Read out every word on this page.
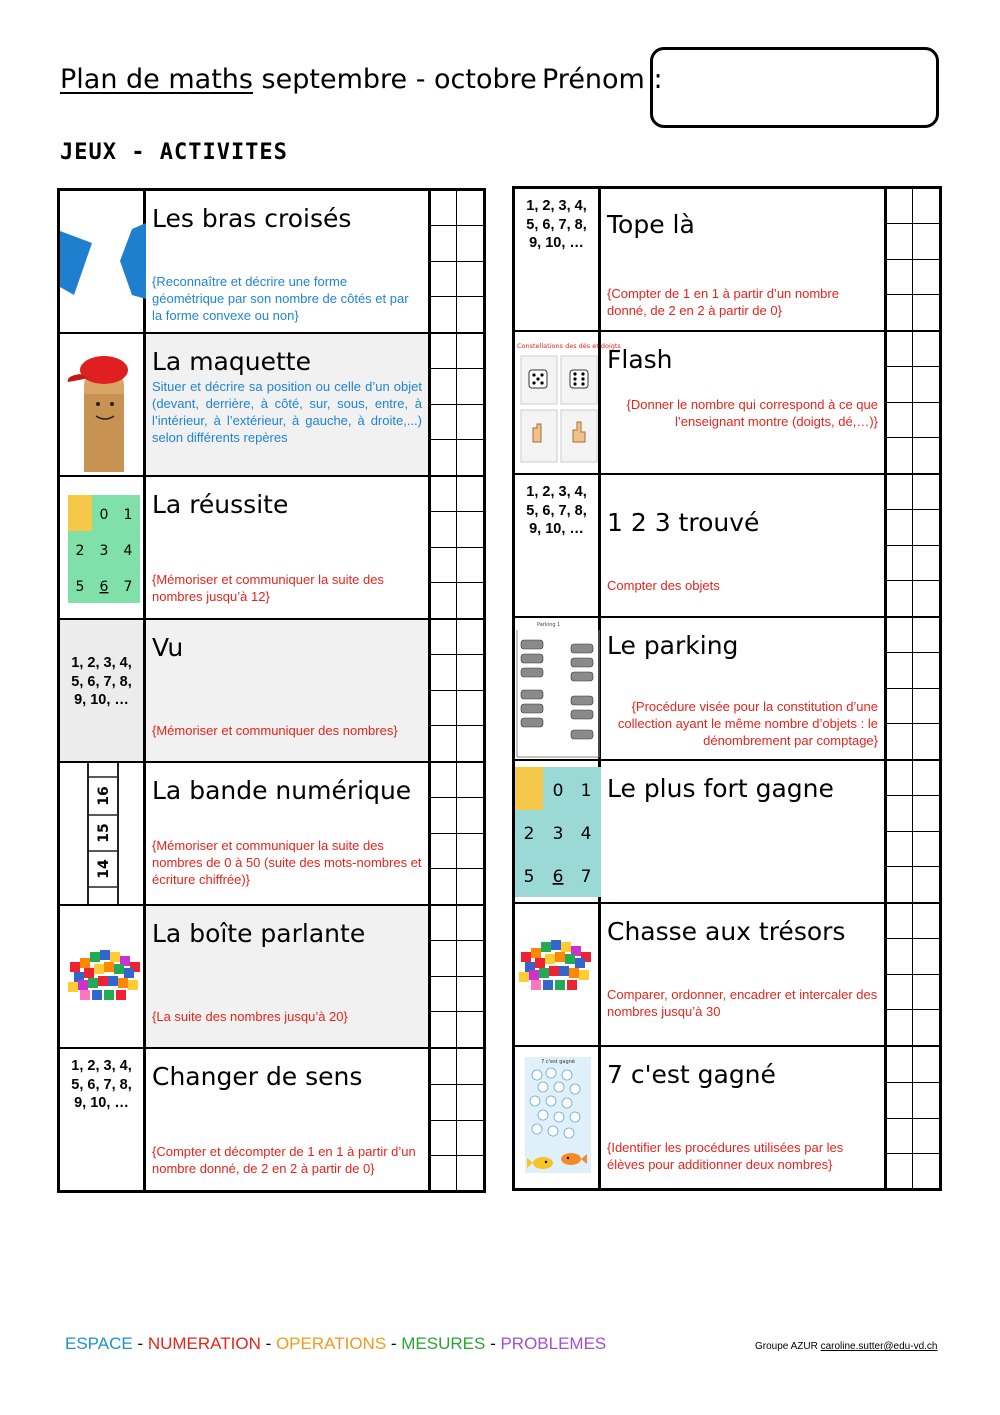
Plan de maths septembre - octobre Prénom :
JEUX - ACTIVITES
Les bras croisés
{Reconnaître et décrire une forme géométrique par son nombre de côtés et par la forme convexe ou non}
La maquette
Situer et décrire sa position ou celle d’un objet (devant, derrière, à côté, sur, sous, entre, à l’intérieur, à l’extérieur, à gauche, à droite,...) selon différents repères
0 1
2 3 4
5 6 7
La réussite
{Mémoriser et communiquer la suite des nombres jusqu’à 12}
1, 2, 3, 4, 5, 6, 7, 8, 9, 10, …
Vu
{Mémoriser et communiquer des nombres}
16
15
14
La bande numérique
{Mémoriser et communiquer la suite des nombres de 0 à 50 (suite des mots-nombres et écriture chiffrée)}
La boîte parlante
{La suite des nombres jusqu’à 20}
1, 2, 3, 4, 5, 6, 7, 8, 9, 10, …
Changer de sens
{Compter et décompter de 1 en 1 à partir d’un nombre donné, de 2 en 2 à partir de 0}
1, 2, 3, 4, 5, 6, 7, 8, 9, 10, …
Tope là
{Compter de 1 en 1 à partir d’un nombre donné, de 2 en 2 à partir de 0}
Constellations des dés et doigts
Flash
{Donner le nombre qui correspond à ce que l’enseignant montre (doigts, dé,…)}
1, 2, 3, 4, 5, 6, 7, 8, 9, 10, … 1 2 3 trouvé
Compter des objets
Parking 1
Le parking
{Procédure visée pour la constitution d’une collection ayant le même nombre d’objets : le dénombrement par comptage}
0 1
2 3 4
5 6 7
Le plus fort gagne
Chasse aux trésors
Comparer, ordonner, encadrer et intercaler des nombres jusqu’à 30
7 c'est gagné 7 c'est gagné
{Identifier les procédures utilisées par les élèves pour additionner deux nombres}
ESPACE - NUMERATION - OPERATIONS - MESURES - PROBLEMES	Groupe AZUR caroline.sutter@edu-vd.ch
